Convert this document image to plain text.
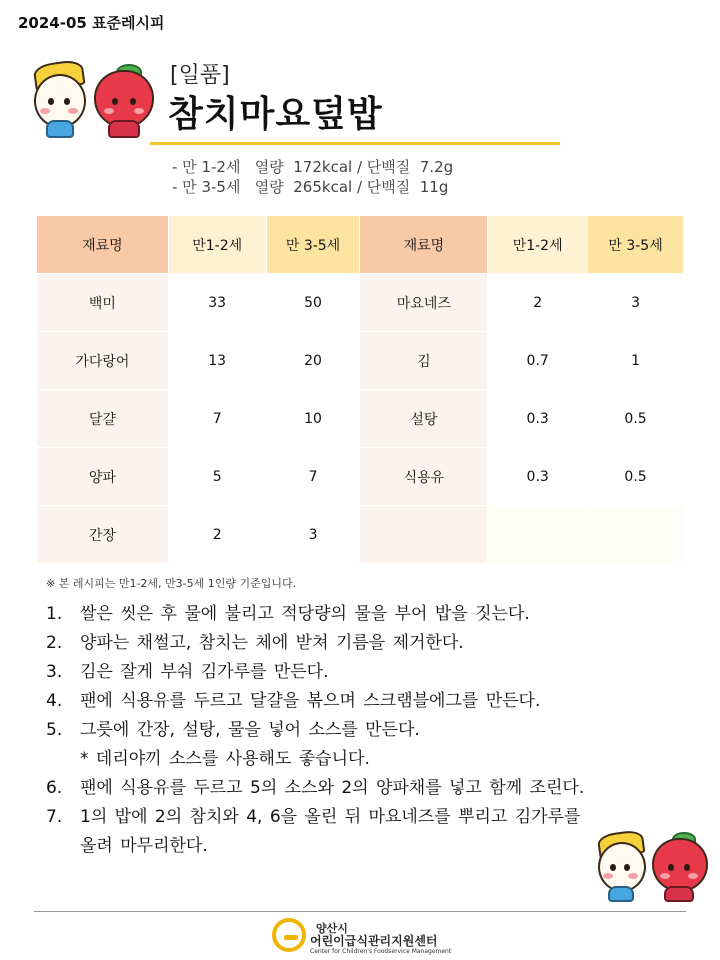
2024-05 표준레시피
[일품]
참치마요덮밥
- 만 1-2세   열량  172kcal / 단백질  7.2g
- 만 3-5세   열량  265kcal / 단백질  11g
재료명	만1-2세	만 3-5세	재료명	만1-2세	만 3-5세
백미	33	50	마요네즈	2	3
가다랑어	13	20	김	0.7	1
달걀	7	10	설탕	0.3	0.5
양파	5	7	식용유	0.3	0.5
간장	2	3			
※ 본 레시피는 만1-2세, 만3-5세 1인량 기준입니다.
1.	쌀은 씻은 후 물에 불리고 적당량의 물을 부어 밥을 짓는다.
2.	양파는 채썰고, 참치는 체에 받쳐 기름을 제거한다.
3.	김은 잘게 부숴 김가루를 만든다.
4.	팬에 식용유를 두르고 달걀을 볶으며 스크램블에그를 만든다.
5.	그릇에 간장, 설탕, 물을 넣어 소스를 만든다.
* 데리야끼 소스를 사용해도 좋습니다.
6.	팬에 식용유를 두르고 5의 소스와 2의 양파채를 넣고 함께 조린다.
7.	1의 밥에 2의 참치와 4, 6을 올린 뒤 마요네즈를 뿌리고 김가루를
올려 마무리한다.
양산시
어린이급식관리지원센터
Center for Children's Foodservice Management
